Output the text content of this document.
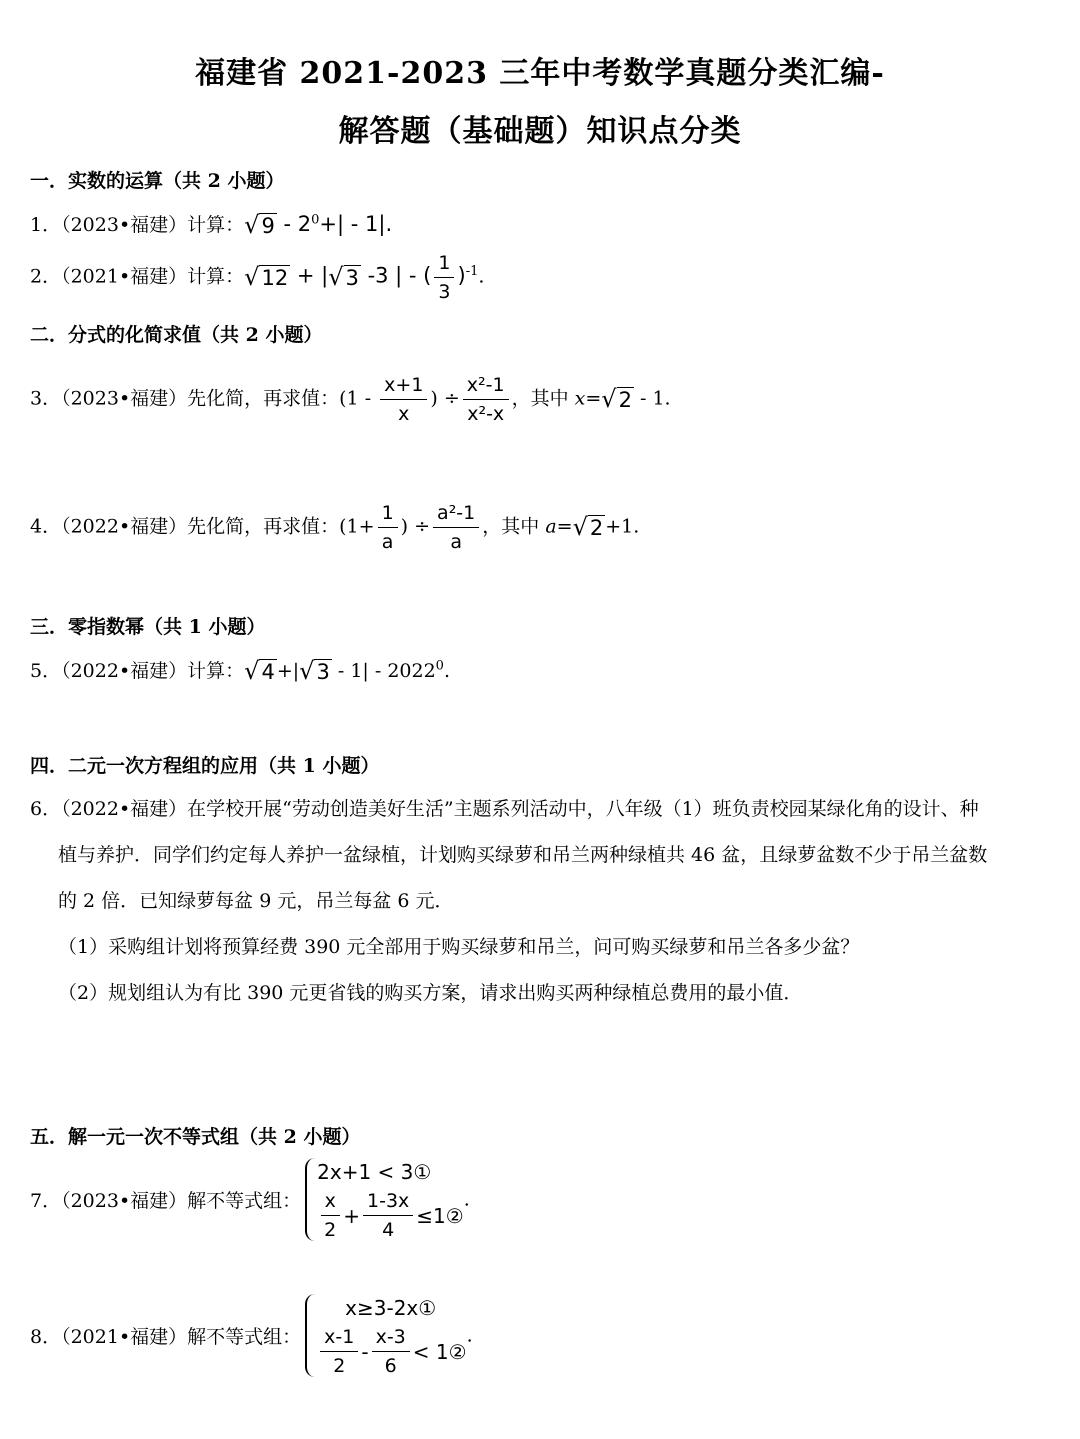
福建省 2021-2023 三年中考数学真题分类汇编-
解答题（基础题）知识点分类
一．实数的运算（共 2 小题）
1．（2023•福建）计算： √ $9 - 2^0+| - 1|$.
2．（2021•福建）计算： √ 12 + | √ 3 -3 | - ( $\frac{1}{3} )^{-1}$.
二．分式的化简求值（共 2 小题）
3．（2023•福建）先化简，再求值：($1 - \frac{x+1}{x}$ ) ÷ $\frac{\text{x²-1}}{\text{x²-x}}$ ，其中 x= √ 2 - 1.
4．（2022•福建）先化简，再求值：($1+ \frac{1}{a}$ ) ÷ $\frac{\text{a²-1}}{a}$ ，其中 a= √ 2 +1.
三．零指数幂（共 1 小题）
5．（2022•福建）计算： √ 4 +| √ 3 - 1| - 2022$^0$.
四．二元一次方程组的应用（共 1 小题）
6．（2022•福建）在学校开展“劳动创造美好生活”主题系列活动中，八年级（1）班负责校园某绿化角的设计、种
植与养护．同学们约定每人养护一盆绿植，计划购买绿萝和吊兰两种绿植共 46 盆，且绿萝盆数不少于吊兰盆数
的 2 倍．已知绿萝每盆 9 元，吊兰每盆 6 元．
（1）采购组计划将预算经费 390 元全部用于购买绿萝和吊兰，问可购买绿萝和吊兰各多少盆？
（2）规划组认为有比 390 元更省钱的购买方案，请求出购买两种绿植总费用的最小值．
五．解一元一次不等式组（共 2 小题）
7．（2023•福建）解不等式组：
2x+1 < 3①
$\frac{x}{2} + \frac{1-3x}{4}$ ≤1②
.
8．（2021•福建）解不等式组：
x≥3-2x①
$\frac{x-1}{2} - \frac{x-3}{6}$ < 1②
.
